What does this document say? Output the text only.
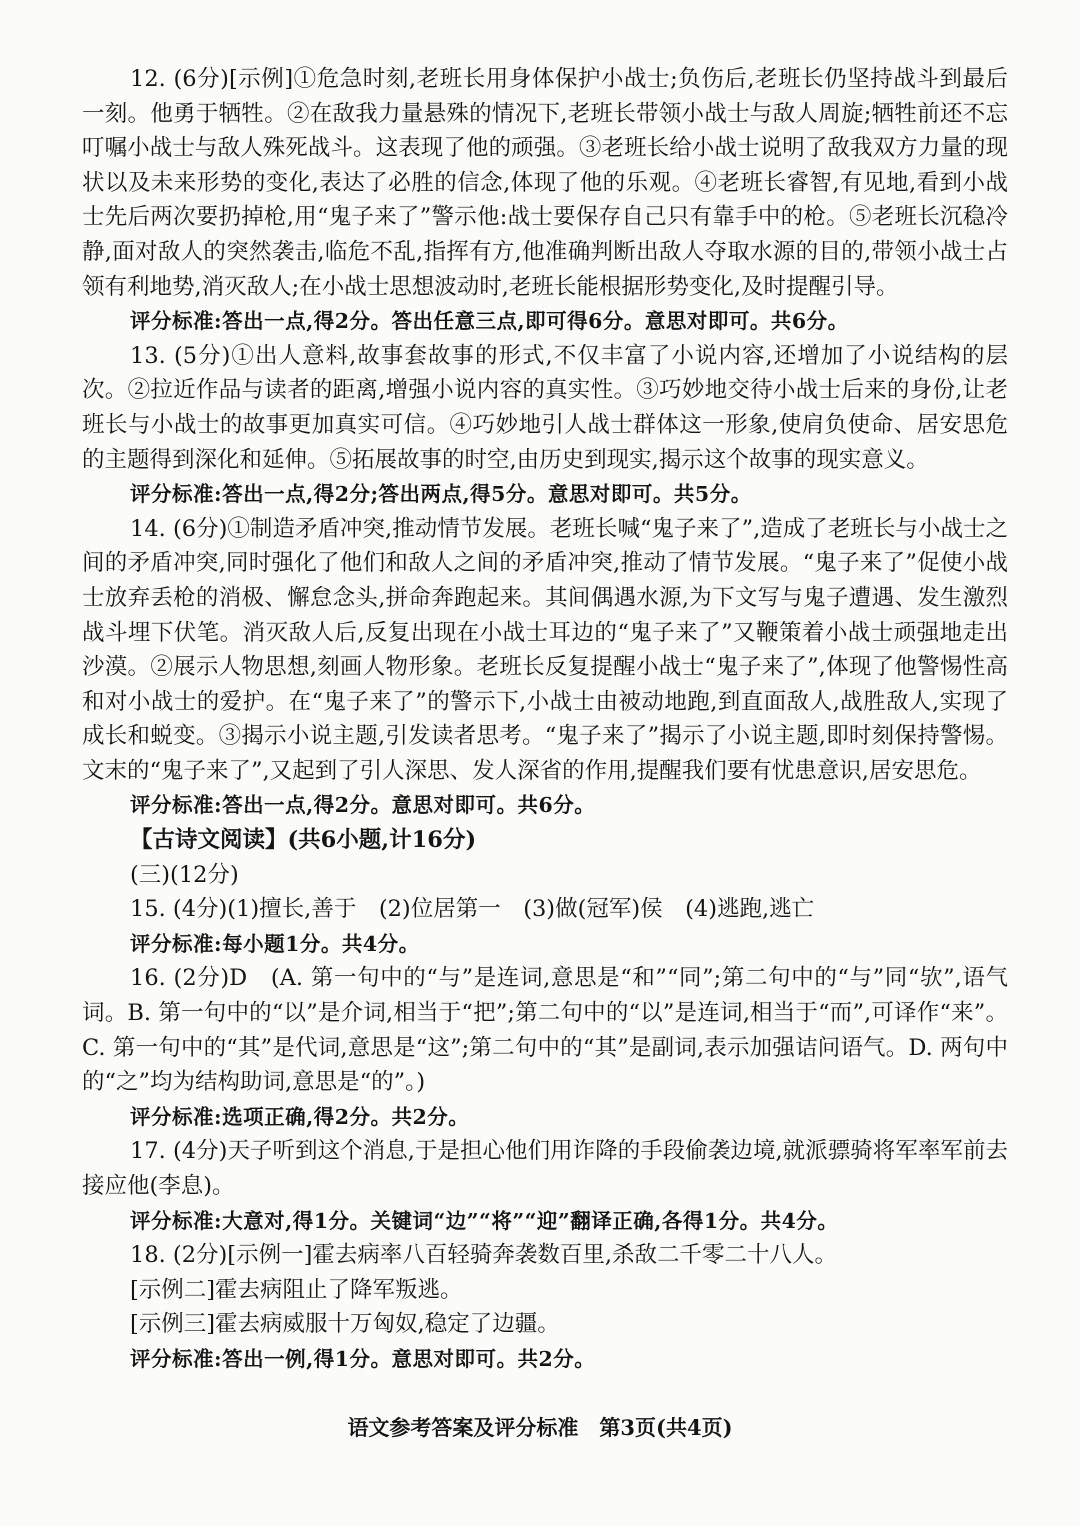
12. (6分)[示例]①危急时刻,老班长用身体保护小战士;负伤后,老班长仍坚持战斗到最后一刻。他勇于牺牲。②在敌我力量悬殊的情况下,老班长带领小战士与敌人周旋;牺牲前还不忘叮嘱小战士与敌人殊死战斗。这表现了他的顽强。③老班长给小战士说明了敌我双方力量的现状以及未来形势的变化,表达了必胜的信念,体现了他的乐观。④老班长睿智,有见地,看到小战士先后两次要扔掉枪,用“鬼子来了”警示他:战士要保存自己只有靠手中的枪。⑤老班长沉稳冷静,面对敌人的突然袭击,临危不乱,指挥有方,他准确判断出敌人夺取水源的目的,带领小战士占领有利地势,消灭敌人;在小战士思想波动时,老班长能根据形势变化,及时提醒引导。

评分标准:答出一点,得2分。答出任意三点,即可得6分。意思对即可。共6分。

13. (5分)①出人意料,故事套故事的形式,不仅丰富了小说内容,还增加了小说结构的层次。②拉近作品与读者的距离,增强小说内容的真实性。③巧妙地交待小战士后来的身份,让老班长与小战士的故事更加真实可信。④巧妙地引人战士群体这一形象,使肩负使命、居安思危的主题得到深化和延伸。⑤拓展故事的时空,由历史到现实,揭示这个故事的现实意义。

评分标准:答出一点,得2分;答出两点,得5分。意思对即可。共5分。

14. (6分)①制造矛盾冲突,推动情节发展。老班长喊“鬼子来了”,造成了老班长与小战士之间的矛盾冲突,同时强化了他们和敌人之间的矛盾冲突,推动了情节发展。“鬼子来了”促使小战士放弃丢枪的消极、懈怠念头,拼命奔跑起来。其间偶遇水源,为下文写与鬼子遭遇、发生激烈战斗埋下伏笔。消灭敌人后,反复出现在小战士耳边的“鬼子来了”又鞭策着小战士顽强地走出沙漠。②展示人物思想,刻画人物形象。老班长反复提醒小战士“鬼子来了”,体现了他警惕性高和对小战士的爱护。在“鬼子来了”的警示下,小战士由被动地跑,到直面敌人,战胜敌人,实现了成长和蜕变。③揭示小说主题,引发读者思考。“鬼子来了”揭示了小说主题,即时刻保持警惕。文末的“鬼子来了”,又起到了引人深思、发人深省的作用,提醒我们要有忧患意识,居安思危。

评分标准:答出一点,得2分。意思对即可。共6分。

【古诗文阅读】(共6小题,计16分)

(三)(12分)

15. (4分)(1)擅长,善于　(2)位居第一　(3)做(冠军)侯　(4)逃跑,逃亡

评分标准:每小题1分。共4分。

16. (2分)D　(A. 第一句中的“与”是连词,意思是“和”“同”;第二句中的“与”同“欤”,语气词。B. 第一句中的“以”是介词,相当于“把”;第二句中的“以”是连词,相当于“而”,可译作“来”。C. 第一句中的“其”是代词,意思是“这”;第二句中的“其”是副词,表示加强诘问语气。D. 两句中的“之”均为结构助词,意思是“的”。)

评分标准:选项正确,得2分。共2分。

17. (4分)天子听到这个消息,于是担心他们用诈降的手段偷袭边境,就派骠骑将军率军前去接应他(李息)。

评分标准:大意对,得1分。关键词“边”“将”“迎”翻译正确,各得1分。共4分。

18. (2分)[示例一]霍去病率八百轻骑奔袭数百里,杀敌二千零二十八人。

[示例二]霍去病阻止了降军叛逃。

[示例三]霍去病威服十万匈奴,稳定了边疆。

评分标准:答出一例,得1分。意思对即可。共2分。

语文参考答案及评分标准　第3页(共4页)
